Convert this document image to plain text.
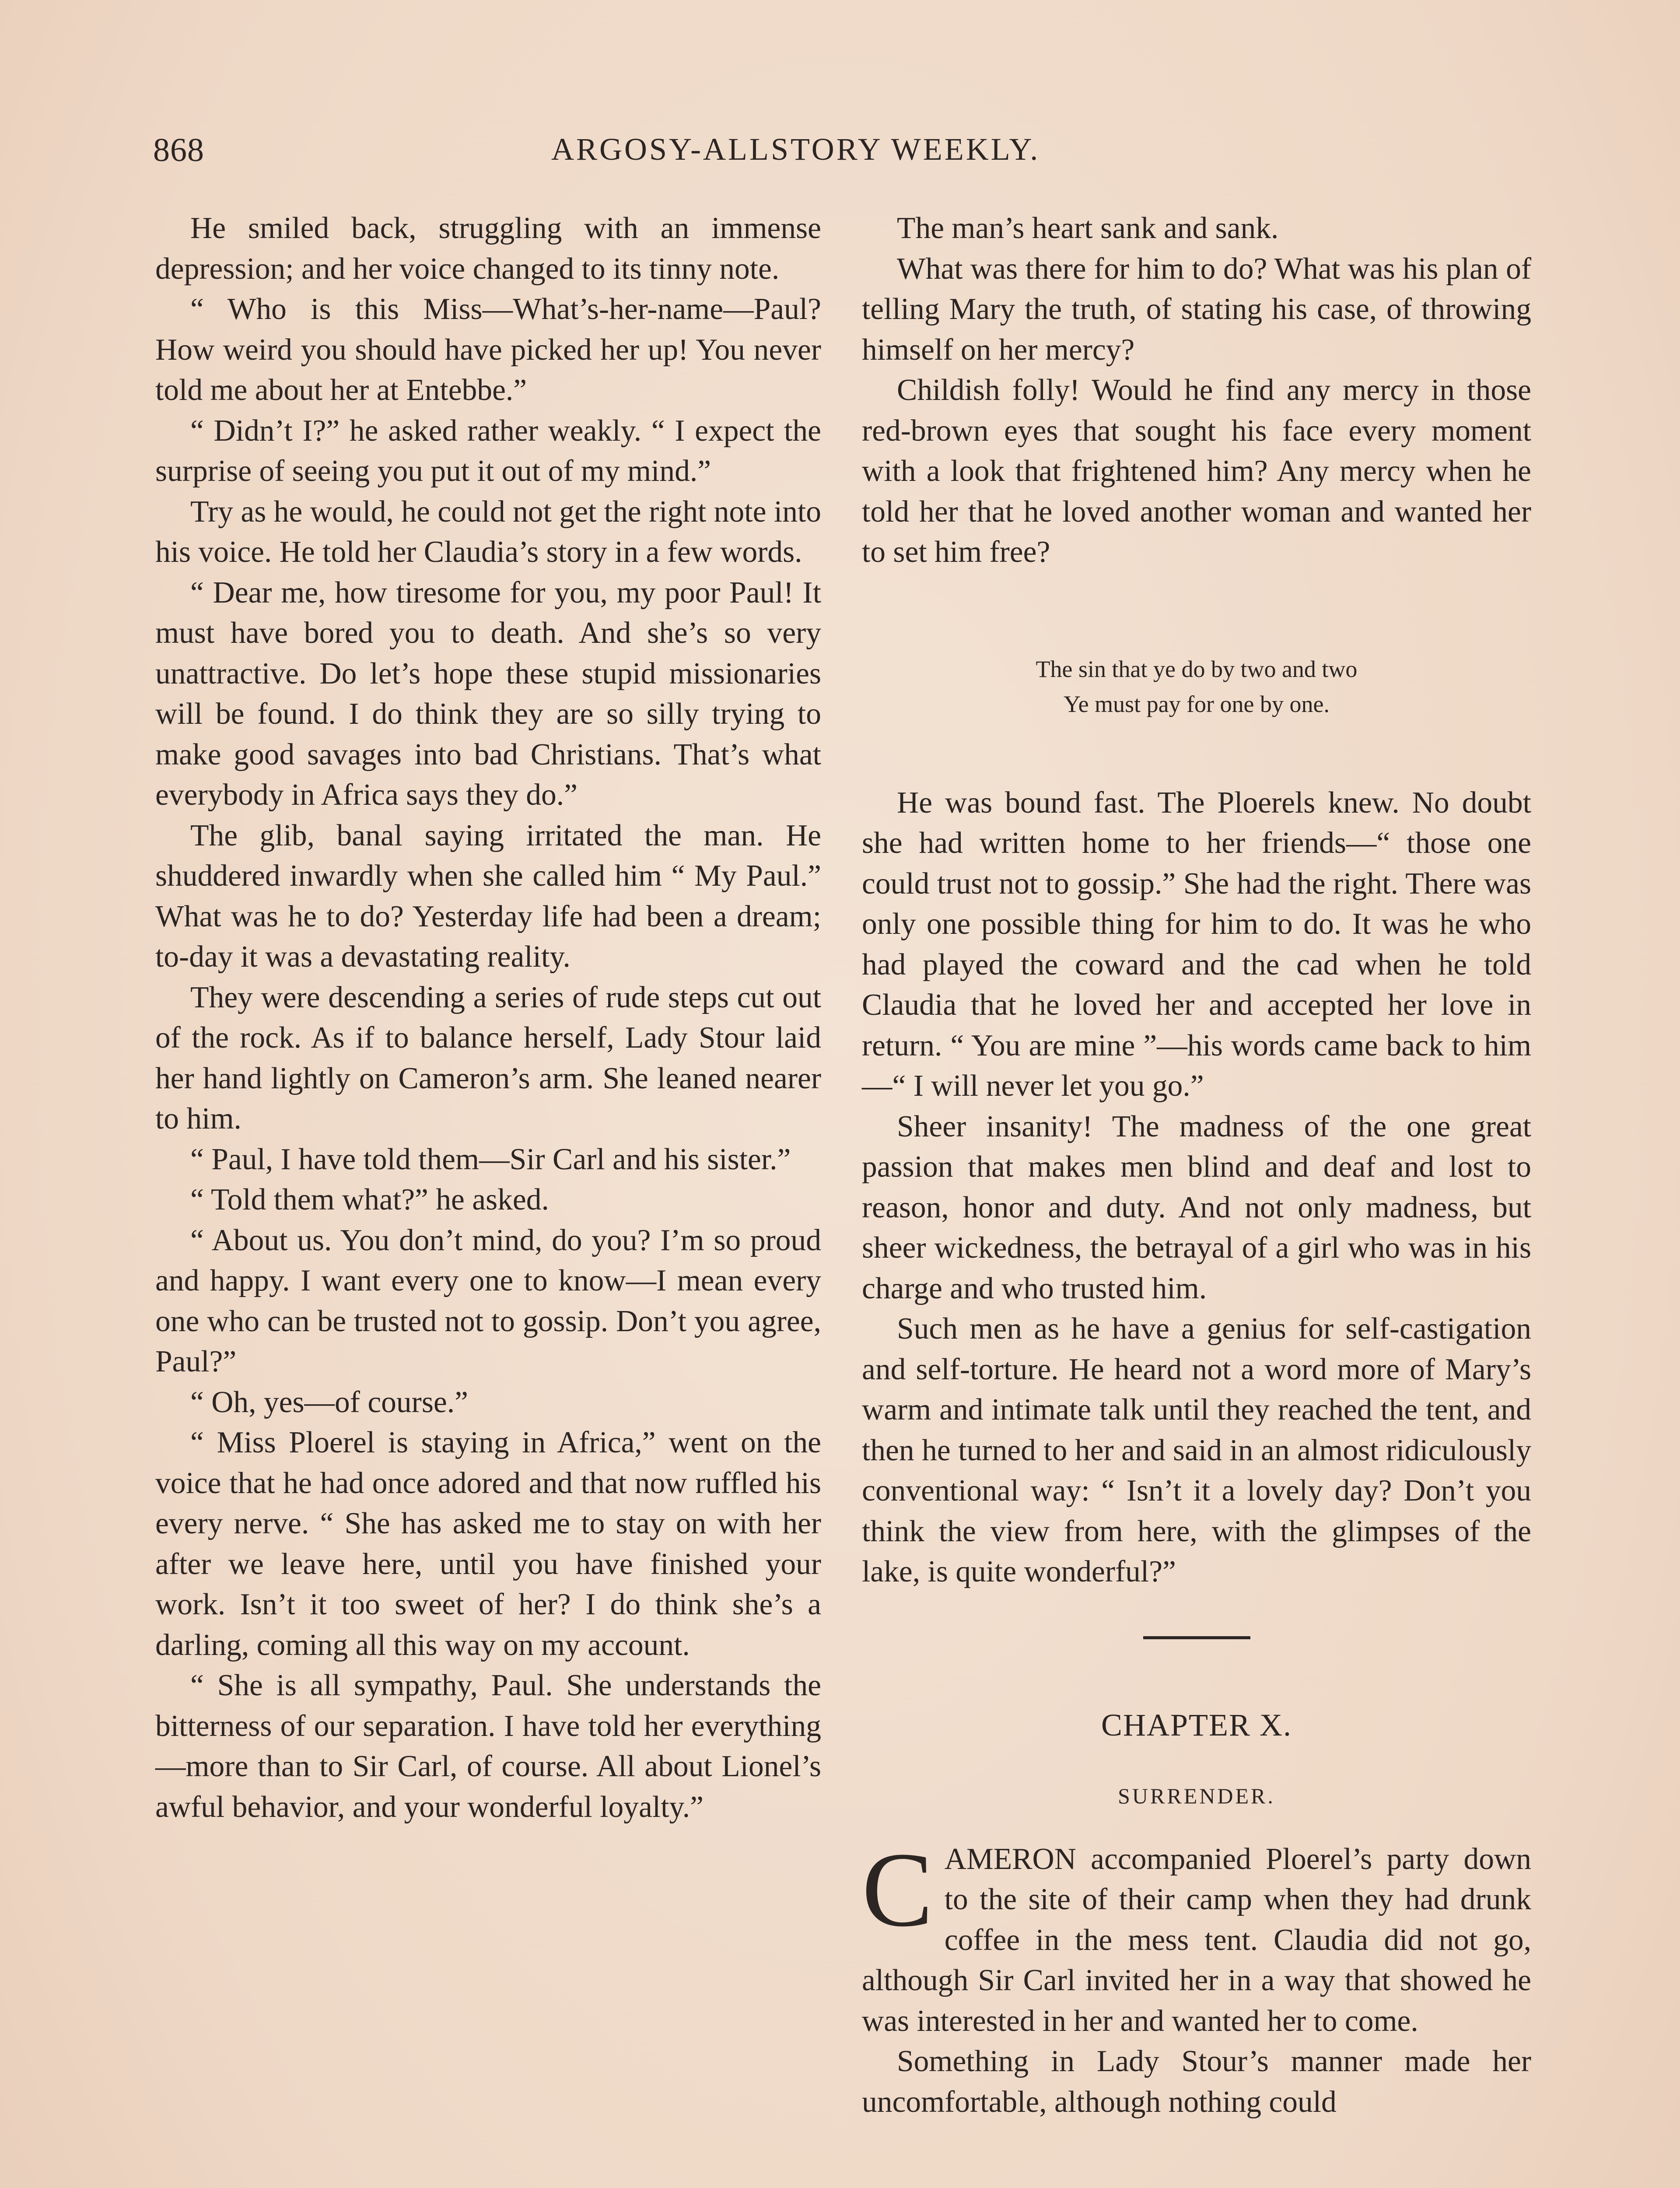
868	ARGOSY-ALLSTORY WEEKLY.

He smiled back, struggling with an immense depression; and her voice changed to its tinny note.

“ Who is this Miss—What’s-her-name—Paul? How weird you should have picked her up! You never told me about her at Entebbe.”

“ Didn’t I?” he asked rather weakly. “ I expect the surprise of seeing you put it out of my mind.”

Try as he would, he could not get the right note into his voice. He told her Claudia’s story in a few words.

“ Dear me, how tiresome for you, my poor Paul! It must have bored you to death. And she’s so very unattractive. Do let’s hope these stupid missionaries will be found. I do think they are so silly trying to make good savages into bad Christians. That’s what everybody in Africa says they do.”

The glib, banal saying irritated the man. He shuddered inwardly when she called him “ My Paul.” What was he to do? Yesterday life had been a dream; to-day it was a devastating reality.

They were descending a series of rude steps cut out of the rock. As if to balance herself, Lady Stour laid her hand lightly on Cameron’s arm. She leaned nearer to him.

“ Paul, I have told them—Sir Carl and his sister.”

“ Told them what?” he asked.

“ About us. You don’t mind, do you? I’m so proud and happy. I want every one to know—I mean every one who can be trusted not to gossip. Don’t you agree, Paul?”

“ Oh, yes—of course.”

“ Miss Ploerel is staying in Africa,” went on the voice that he had once adored and that now ruffled his every nerve. “ She has asked me to stay on with her after we leave here, until you have finished your work. Isn’t it too sweet of her? I do think she’s a darling, coming all this way on my account.

“ She is all sympathy, Paul. She understands the bitterness of our separation. I have told her everything—more than to Sir Carl, of course. All about Lionel’s awful behavior, and your wonderful loyalty.”

The man’s heart sank and sank.

What was there for him to do? What was his plan of telling Mary the truth, of stating his case, of throwing himself on her mercy?

Childish folly! Would he find any mercy in those red-brown eyes that sought his face every moment with a look that frightened him? Any mercy when he told her that he loved another woman and wanted her to set him free?

The sin that ye do by two and two
Ye must pay for one by one.

He was bound fast. The Ploerels knew. No doubt she had written home to her friends—“ those one could trust not to gossip.” She had the right. There was only one possible thing for him to do. It was he who had played the coward and the cad when he told Claudia that he loved her and accepted her love in return. “ You are mine ”—his words came back to him—“ I will never let you go.”

Sheer insanity! The madness of the one great passion that makes men blind and deaf and lost to reason, honor and duty. And not only madness, but sheer wickedness, the betrayal of a girl who was in his charge and who trusted him.

Such men as he have a genius for self-castigation and self-torture. He heard not a word more of Mary’s warm and intimate talk until they reached the tent, and then he turned to her and said in an almost ridiculously conventional way: “ Isn’t it a lovely day? Don’t you think the view from here, with the glimpses of the lake, is quite wonderful?”

CHAPTER X.
SURRENDER.

CAMERON accompanied Ploerel’s party down to the site of their camp when they had drunk coffee in the mess tent. Claudia did not go, although Sir Carl invited her in a way that showed he was interested in her and wanted her to come.

Something in Lady Stour’s manner made her uncomfortable, although nothing could
